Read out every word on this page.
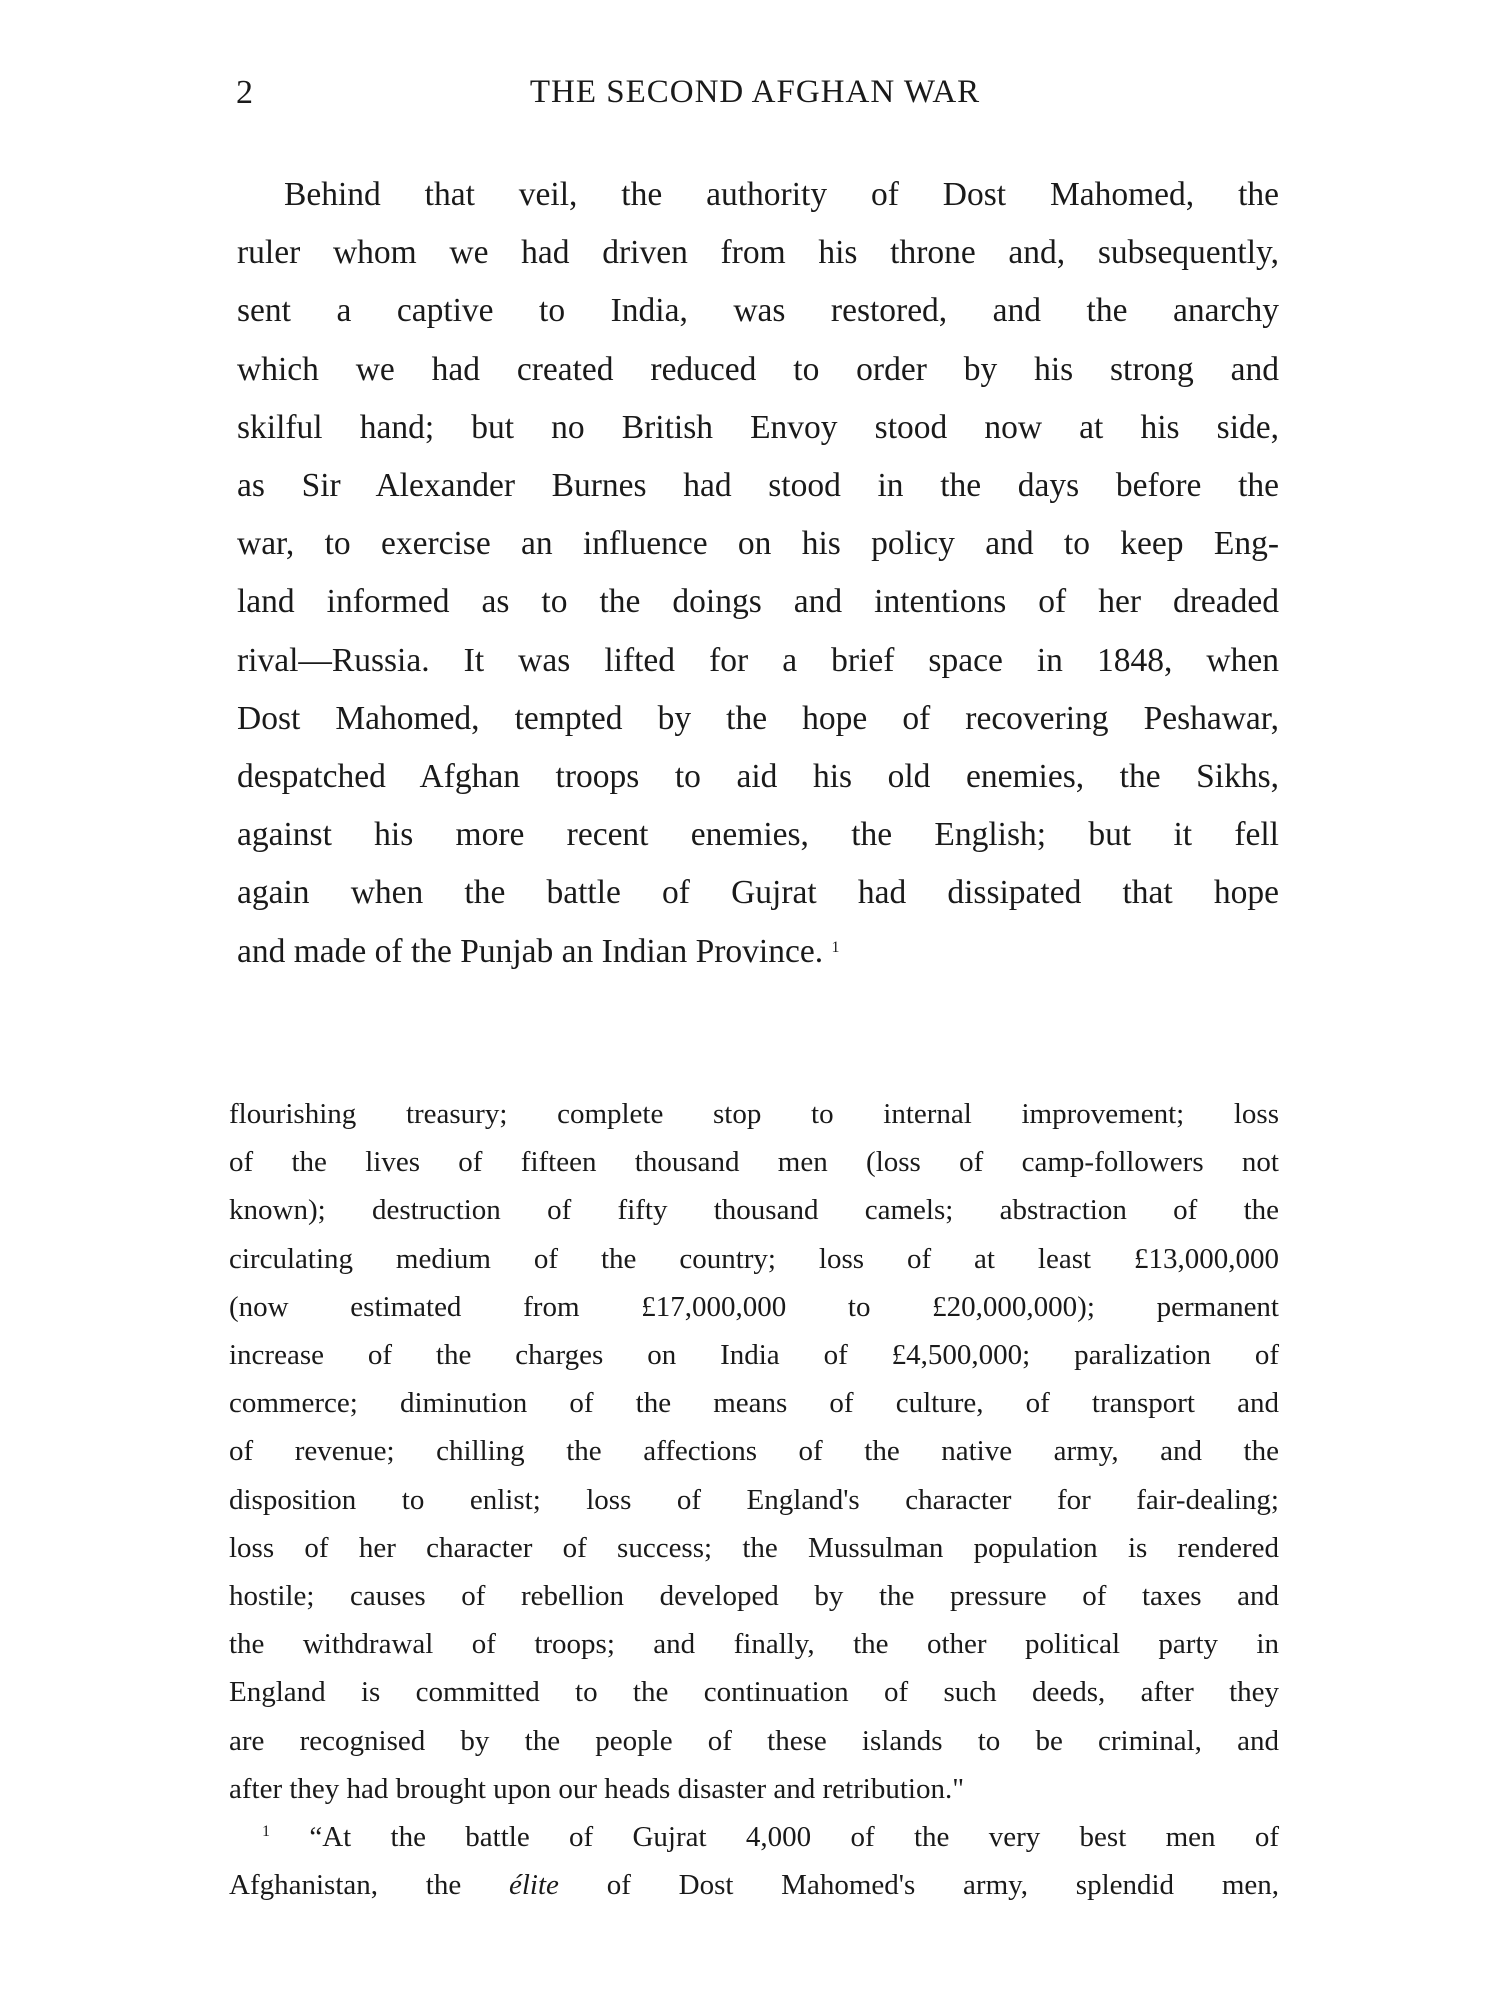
2	THE SECOND AFGHAN WAR
Behind that veil, the authority of Dost Mahomed, the
ruler whom we had driven from his throne and, subsequently,
sent a captive to India, was restored, and the anarchy
which we had created reduced to order by his strong and
skilful hand; but no British Envoy stood now at his side,
as Sir Alexander Burnes had stood in the days before the
war, to exercise an influence on his policy and to keep Eng-
land informed as to the doings and intentions of her dreaded
rival—Russia. It was lifted for a brief space in 1848, when
Dost Mahomed, tempted by the hope of recovering Peshawar,
despatched Afghan troops to aid his old enemies, the Sikhs,
against his more recent enemies, the English; but it fell
again when the battle of Gujrat had dissipated that hope
and made of the Punjab an Indian Province. $^1$
flourishing treasury; complete stop to internal improvement; loss
of the lives of fifteen thousand men (loss of camp-followers not
known); destruction of fifty thousand camels; abstraction of the
circulating medium of the country; loss of at least £13,000,000
(now estimated from £17,000,000 to £20,000,000); permanent
increase of the charges on India of £4,500,000; paralization of
commerce; diminution of the means of culture, of transport and
of revenue; chilling the affections of the native army, and the
disposition to enlist; loss of England's character for fair-dealing;
loss of her character of success; the Mussulman population is rendered
hostile; causes of rebellion developed by the pressure of taxes and
the withdrawal of troops; and finally, the other political party in
England is committed to the continuation of such deeds, after they
are recognised by the people of these islands to be criminal, and
after they had brought upon our heads disaster and retribution."
$^1$ “At the battle of Gujrat 4,000 of the very best men of
Afghanistan, the élite of Dost Mahomed's army, splendid men,
